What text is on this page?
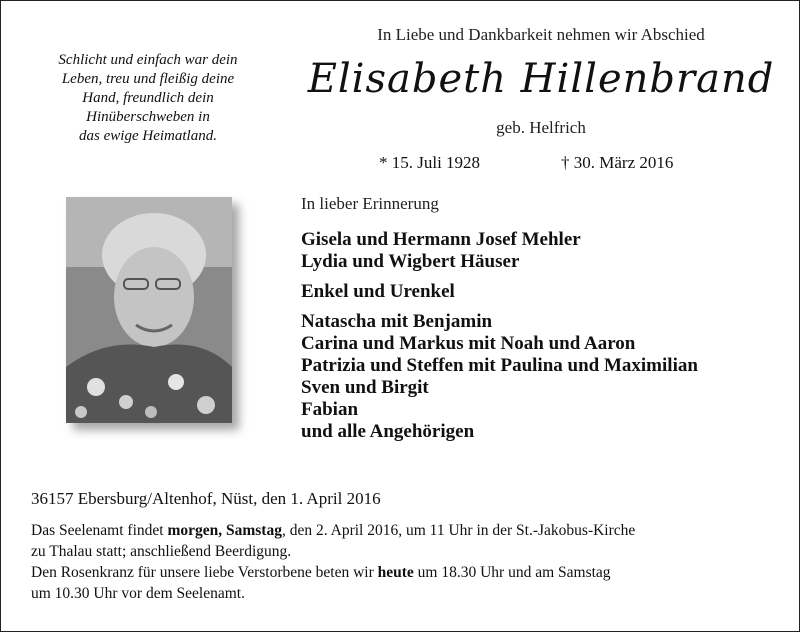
Schlicht und einfach war dein
Leben, treu und fleißig deine
Hand, freundlich dein
Hinüberschweben in
das ewige Heimatland.
In Liebe und Dankbarkeit nehmen wir Abschied
Elisabeth Hillenbrand
geb. Helfrich
* 15. Juli 1928	† 30. März 2016
In lieber Erinnerung
Gisela und Hermann Josef Mehler
Lydia und Wigbert Häuser
Enkel und Urenkel
Natascha mit Benjamin
Carina und Markus mit Noah und Aaron
Patrizia und Steffen mit Paulina und Maximilian
Sven und Birgit
Fabian
und alle Angehörigen
36157 Ebersburg/Altenhof, Nüst, den 1. April 2016
Das Seelenamt findet morgen, Samstag, den 2. April 2016, um 11 Uhr in der St.-Jakobus-Kirche
zu Thalau statt; anschließend Beerdigung.
Den Rosenkranz für unsere liebe Verstorbene beten wir heute um 18.30 Uhr und am Samstag
um 10.30 Uhr vor dem Seelenamt.
